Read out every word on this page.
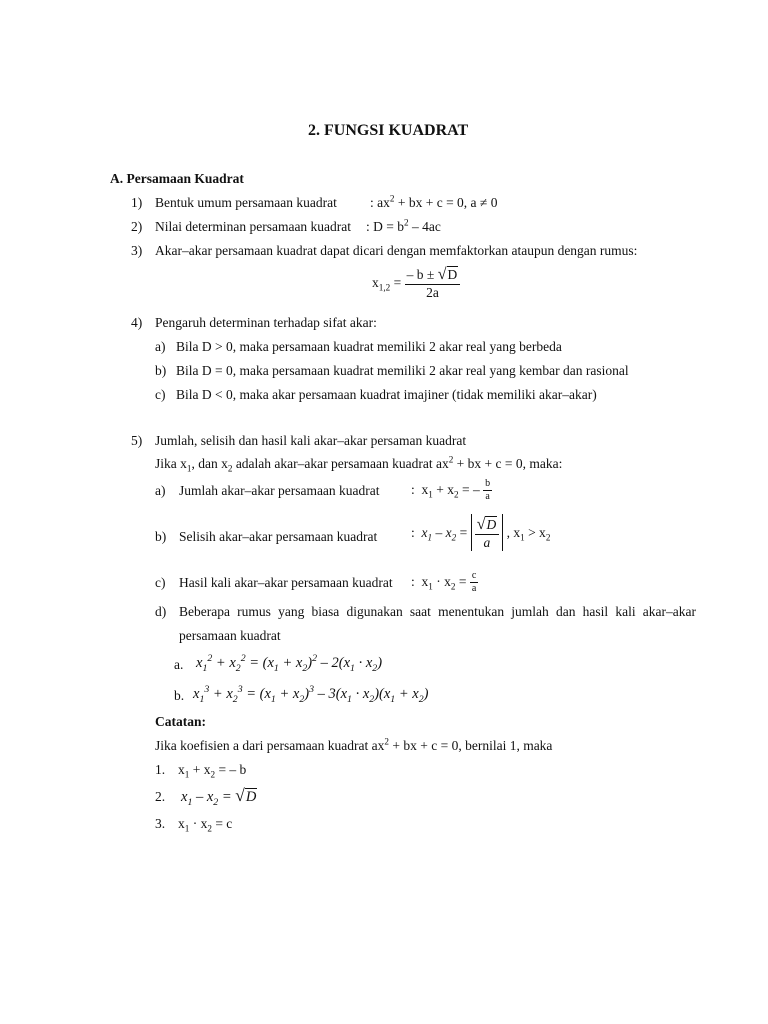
2. FUNGSI KUADRAT
A. Persamaan Kuadrat
1) Bentuk umum persamaan kuadrat : $ax^2$ + bx + c = 0, a ≠ 0
2) Nilai determinan persamaan kuadrat : $D = b^2 - 4ac$
3) Akar–akar persamaan kuadrat dapat dicari dengan memfaktorkan ataupun dengan rumus:
$x_{1,2} = \frac{- b \pm √D}{2a}$
4) Pengaruh determinan terhadap sifat akar:
a) Bila D > 0, maka persamaan kuadrat memiliki 2 akar real yang berbeda
b) Bila D = 0, maka persamaan kuadrat memiliki 2 akar real yang kembar dan rasional
c) Bila D < 0, maka akar persamaan kuadrat imajiner (tidak memiliki akar–akar)
5) Jumlah, selisih dan hasil kali akar–akar persaman kuadrat
Jika $x_1$, dan $x_2$ adalah akar–akar persamaan kuadrat $ax^2$ + bx + c = 0, maka:
a) Jumlah akar–akar persamaan kuadrat : $x_1 + x_2$ = – $\frac{b}{a}$
b) Selisih akar–akar persamaan kuadrat : $x_1 - x_2 = \frac{√D}{a}$ , $x_1 > x_2$
c) Hasil kali akar–akar persamaan kuadrat : $x_1 \cdot x_2 = \frac{c}{a}$
d) Beberapa rumus yang biasa digunakan saat menentukan jumlah dan hasil kali akar–akar
persamaan kuadrat
a. $x_1^2 + x_2^2 = (x_1 + x_2)^2 - 2(x_1 \cdot x_2)$
b. $x_1^3 + x_2^3 = (x_1 + x_2)^3 - 3(x_1 \cdot x_2)(x_1 + x_2)$
Catatan:
Jika koefisien a dari persamaan kuadrat $ax^2$ + bx + c = 0, bernilai 1, maka
1. $x_1 + x_2$ = – b
2. $x_1 - x_2 = √D$
3. $x_1 \cdot x_2 = c$
